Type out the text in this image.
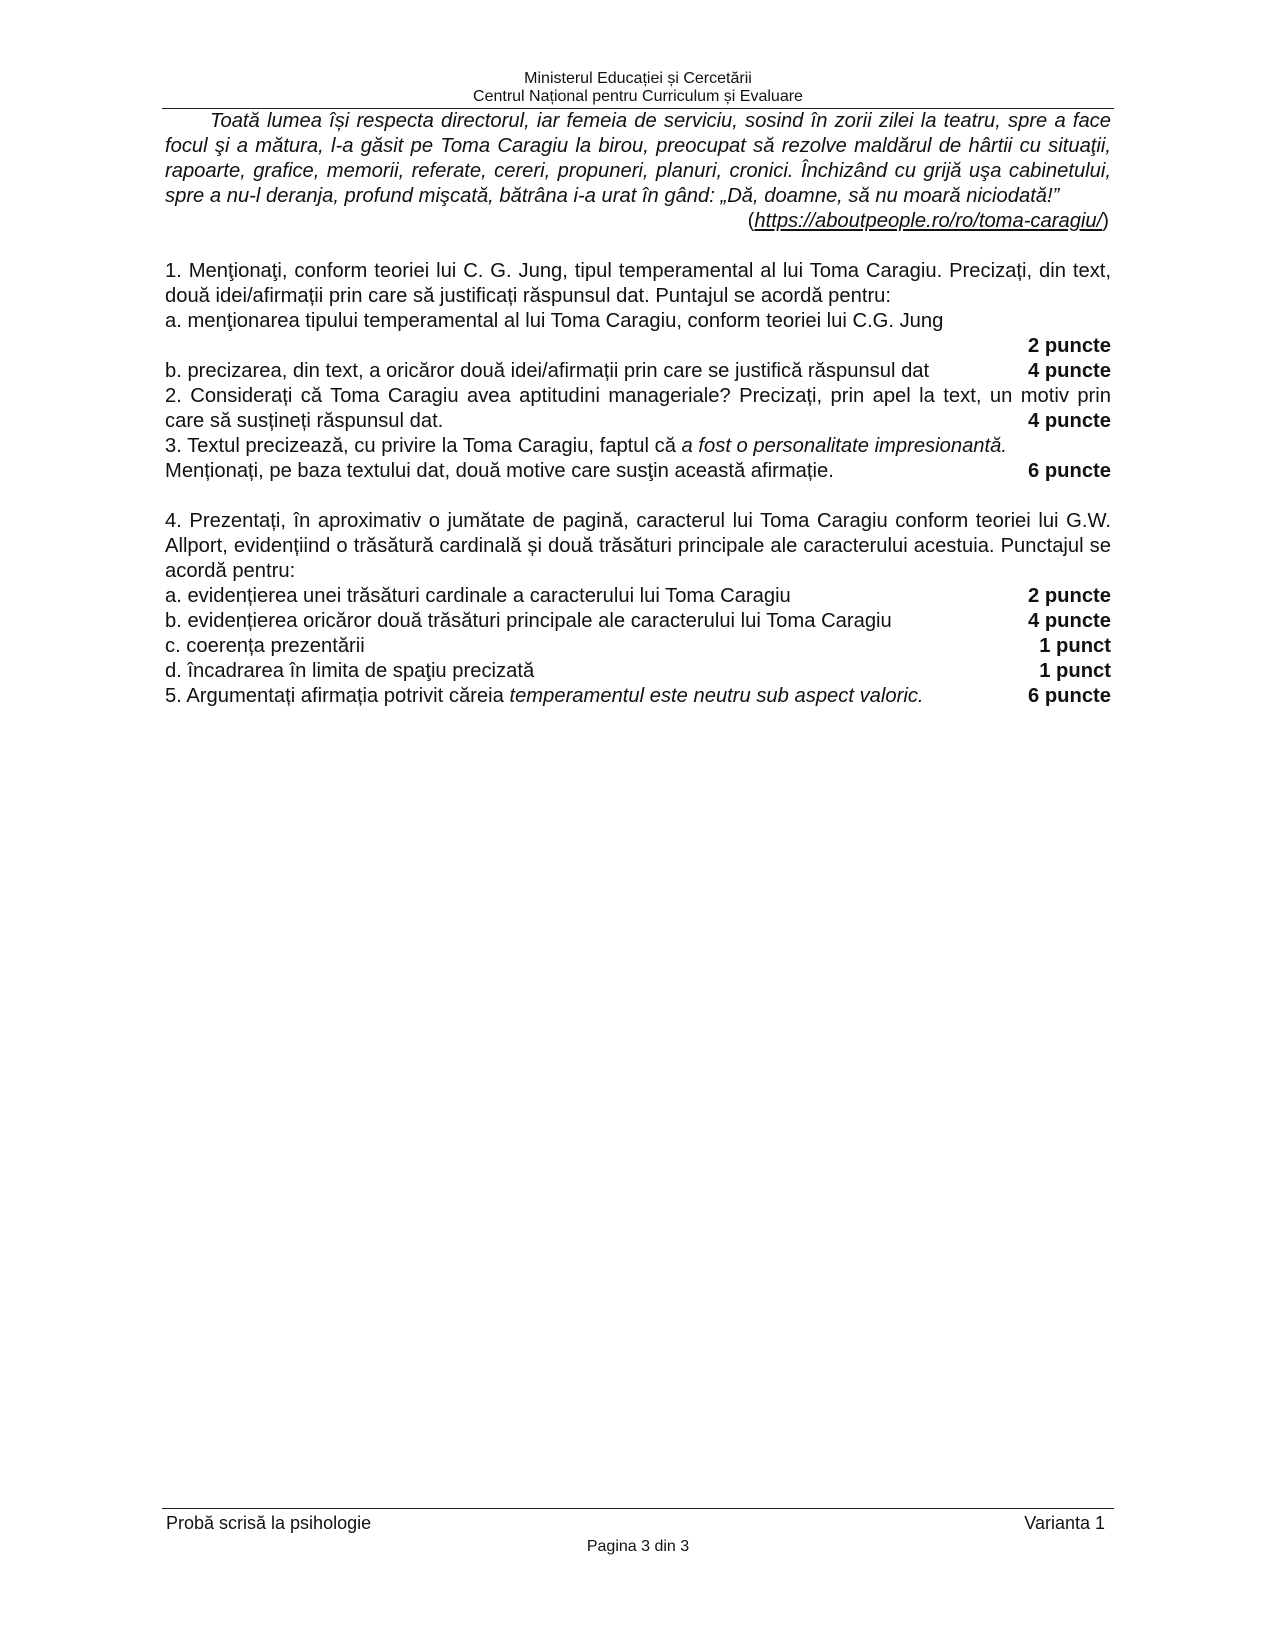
Ministerul Educației și Cercetării
Centrul Național pentru Curriculum și Evaluare

Toată lumea își respecta directorul, iar femeia de serviciu, sosind în zorii zilei la teatru, spre a face focul şi a mătura, l-a găsit pe Toma Caragiu la birou, preocupat să rezolve maldărul de hârtii cu situaţii, rapoarte, grafice, memorii, referate, cereri, propuneri, planuri, cronici. Închizând cu grijă uşa cabinetului, spre a nu-l deranja, profund mişcată, bătrâna i-a urat în gând: „Dă, doamne, să nu moară niciodată!”

(https://aboutpeople.ro/ro/toma-caragiu/)

1. Menţionaţi, conform teoriei lui C. G. Jung, tipul temperamental al lui Toma Caragiu. Precizați, din text, două idei/afirmații prin care să justificați răspunsul dat. Puntajul se acordă pentru:

a. menţionarea tipului temperamental al lui Toma Caragiu, conform teoriei lui C.G. Jung

2 puncte
b. precizarea, din text, a oricăror două idei/afirmații prin care se justifică răspunsul dat	4 puncte

2. Considerați că Toma Caragiu avea aptitudini manageriale? Precizați, prin apel la text, un motiv prin care să susțineți răspunsul dat.	4 puncte

3. Textul precizează, cu privire la Toma Caragiu, faptul că a fost o personalitate impresionantă.

Menționați, pe baza textului dat, două motive care susţin această afirmație.	6 puncte

4. Prezentați, în aproximativ o jumătate de pagină, caracterul lui Toma Caragiu conform teoriei lui G.W. Allport, evidențiind o trăsătură cardinală și două trăsături principale ale caracterului acestuia. Punctajul se acordă pentru:

a. evidențierea unei trăsături cardinale a caracterului lui Toma Caragiu	2 puncte
b. evidențierea oricăror două trăsături principale ale caracterului lui Toma Caragiu	4 puncte
c. coerența prezentării	1 punct
d. încadrarea în limita de spaţiu precizată	1 punct
5. Argumentați afirmația potrivit căreia temperamentul este neutru sub aspect valoric.	6 puncte
Probă scrisă la psihologie	Varianta 1
Pagina 3 din 3
